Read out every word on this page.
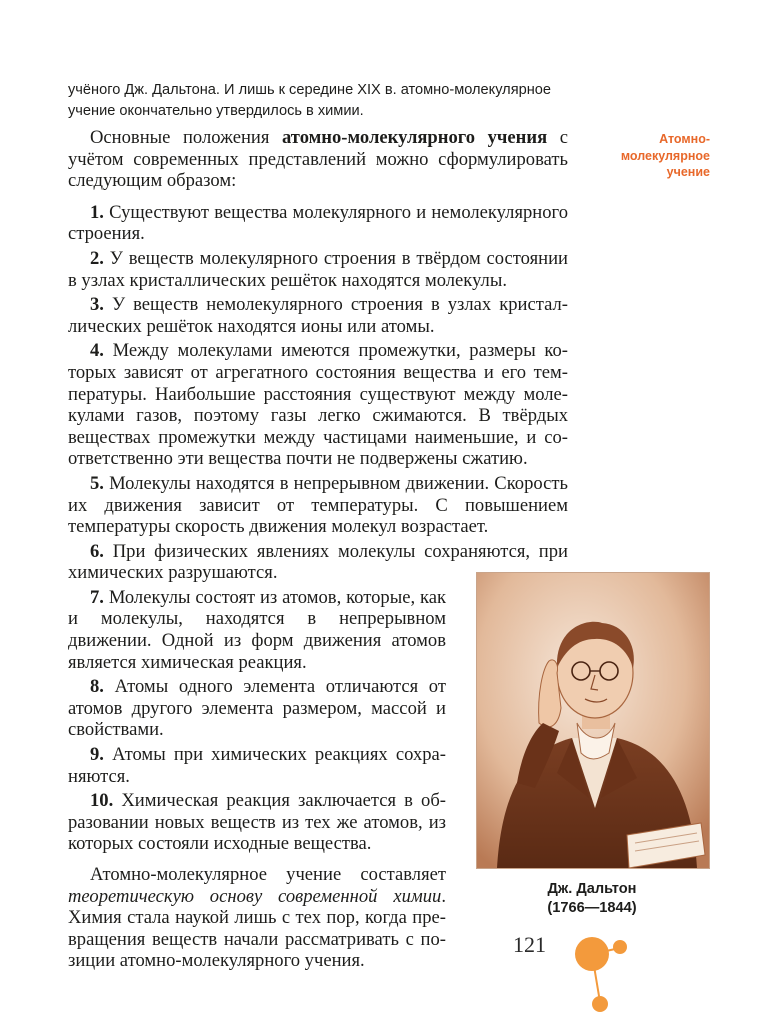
учёного Дж. Дальтона. И лишь к середине XIX в. атомно-молекулярное
учение окончательно утвердилось в химии.
Атомно-
молекулярное
учение

Основные положения атомно-молекулярного учения с учётом современных представлений можно сформулировать следующим образом:

1. Существуют вещества молекулярного и немолекулярного строения.

2. У веществ молекулярного строения в твёрдом состоянии в узлах кристаллических решёток находятся молекулы.

3. У веществ немолекулярного строения в узлах кристаллических решёток находятся ионы или атомы.

4. Между молекулами имеются промежутки, размеры которых зависят от агрегатного состояния вещества и его температуры. Наибольшие расстояния существуют между молекулами газов, поэтому газы легко сжимаются. В твёрдых веществах промежутки между частицами наименьшие, и соответственно эти вещества почти не подвержены сжатию.

5. Молекулы находятся в непрерывном движении. Скорость их движения зависит от температуры. С повышением температуры скорость движения молекул возрастает.

6. При физических явлениях молекулы сохраняются, при химических разрушаются.

7. Молекулы состоят из атомов, которые, как и молекулы, находятся в непрерывном движении. Одной из форм движения атомов является химическая реакция.

8. Атомы одного элемента отличаются от атомов другого элемента размером, массой и свойствами.

9. Атомы при химических реакциях сохраняются.

10. Химическая реакция заключается в образовании новых веществ из тех же атомов, из которых состояли исходные вещества.

Атомно-молекулярное учение составляет теоретическую основу современной химии. Химия стала наукой лишь с тех пор, когда превращения веществ начали рассматривать с позиции атомно-молекулярного учения.

Дж. Дальтон
(1766—1844)
121
